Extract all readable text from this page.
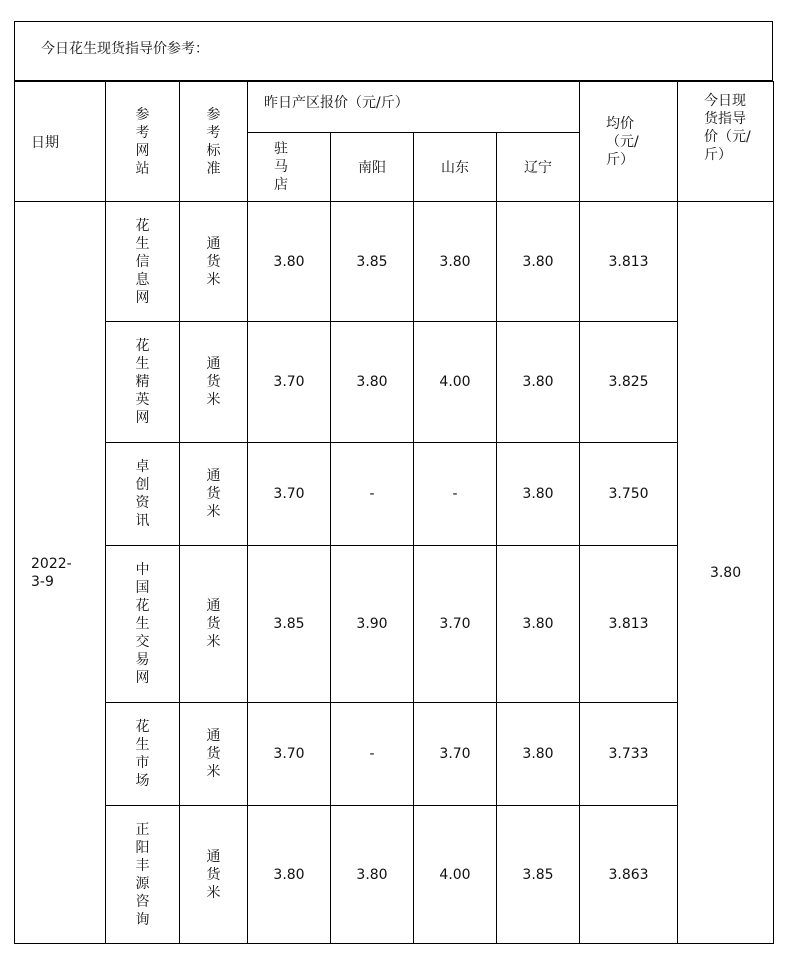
今日花生现货指导价参考：
日期	参考网站	参考标准	昨日产区报价（元/斤）				均价（元/斤）	今日现货指导价（元/斤）

			驻马店	南阳	山东	辽宁		

2022-3-9	花生信息网	通货米	3.80	3.85	3.80	3.80	3.813	3.80

	花生精英网	通货米	3.70	3.80	4.00	3.80	3.825	

	卓创资讯	通货米	3.70	-	-	3.80	3.750	

	中国花生交易网	通货米	3.85	3.90	3.70	3.80	3.813	

	花生市场	通货米	3.70	-	3.70	3.80	3.733	

	正阳丰源咨询	通货米	3.80	3.80	4.00	3.85	3.863	
